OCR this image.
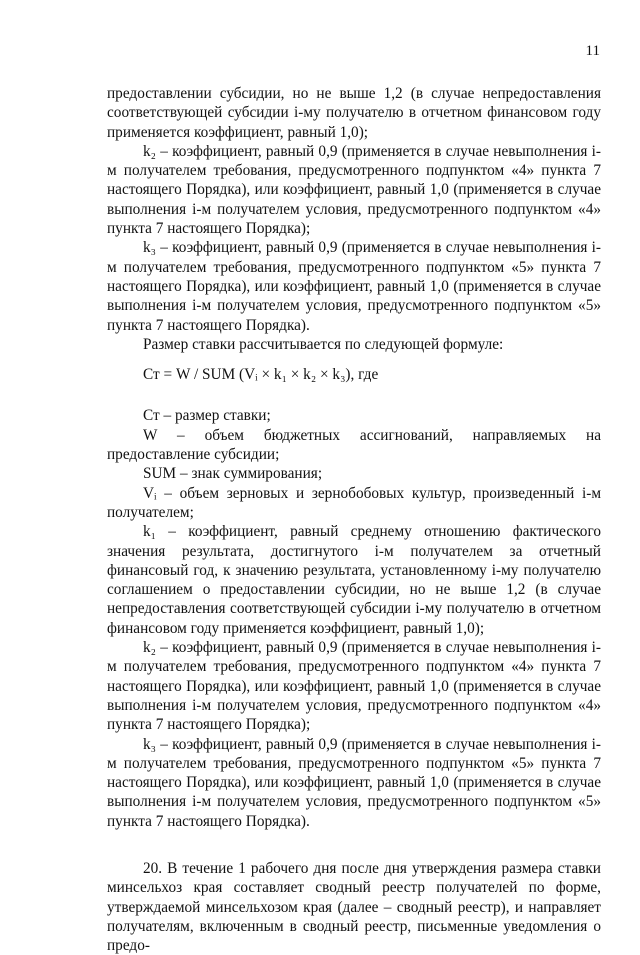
11

предоставлении субсидии, но не выше 1,2 (в случае непредоставления соответствующей субсидии i-му получателю в отчетном финансовом году применяется коэффициент, равный 1,0);

k₂ – коэффициент, равный 0,9 (применяется в случае невыполнения i-м получателем требования, предусмотренного подпунктом «4» пункта 7 настоящего Порядка), или коэффициент, равный 1,0 (применяется в случае выполнения i-м получателем условия, предусмотренного подпунктом «4» пункта 7 настоящего Порядка);

k₃ – коэффициент, равный 0,9 (применяется в случае невыполнения i-м получателем требования, предусмотренного подпунктом «5» пункта 7 настоящего Порядка), или коэффициент, равный 1,0 (применяется в случае выполнения i-м получателем условия, предусмотренного подпунктом «5» пункта 7 настоящего Порядка).

Размер ставки рассчитывается по следующей формуле:

Ст = W / SUM (Vᵢ × k₁ × k₂ × k₃), где

Ст – размер ставки;

W – объем бюджетных ассигнований, направляемых на предоставление субсидии;

SUM – знак суммирования;

Vᵢ – объем зерновых и зернобобовых культур, произведенный i-м получателем;

k₁ – коэффициент, равный среднему отношению фактического значения результата, достигнутого i-м получателем за отчетный финансовый год, к значению результата, установленному i-му получателю соглашением о предоставлении субсидии, но не выше 1,2 (в случае непредоставления соответствующей субсидии i-му получателю в отчетном финансовом году применяется коэффициент, равный 1,0);

k₂ – коэффициент, равный 0,9 (применяется в случае невыполнения i-м получателем требования, предусмотренного подпунктом «4» пункта 7 настоящего Порядка), или коэффициент, равный 1,0 (применяется в случае выполнения i-м получателем условия, предусмотренного подпунктом «4» пункта 7 настоящего Порядка);

k₃ – коэффициент, равный 0,9 (применяется в случае невыполнения i-м получателем требования, предусмотренного подпунктом «5» пункта 7 настоящего Порядка), или коэффициент, равный 1,0 (применяется в случае выполнения i-м получателем условия, предусмотренного подпунктом «5» пункта 7 настоящего Порядка).

20. В течение 1 рабочего дня после дня утверждения размера ставки минсельхоз края составляет сводный реестр получателей по форме, утверждаемой минсельхозом края (далее – сводный реестр), и направляет получателям, включенным в сводный реестр, письменные уведомления о предо-
